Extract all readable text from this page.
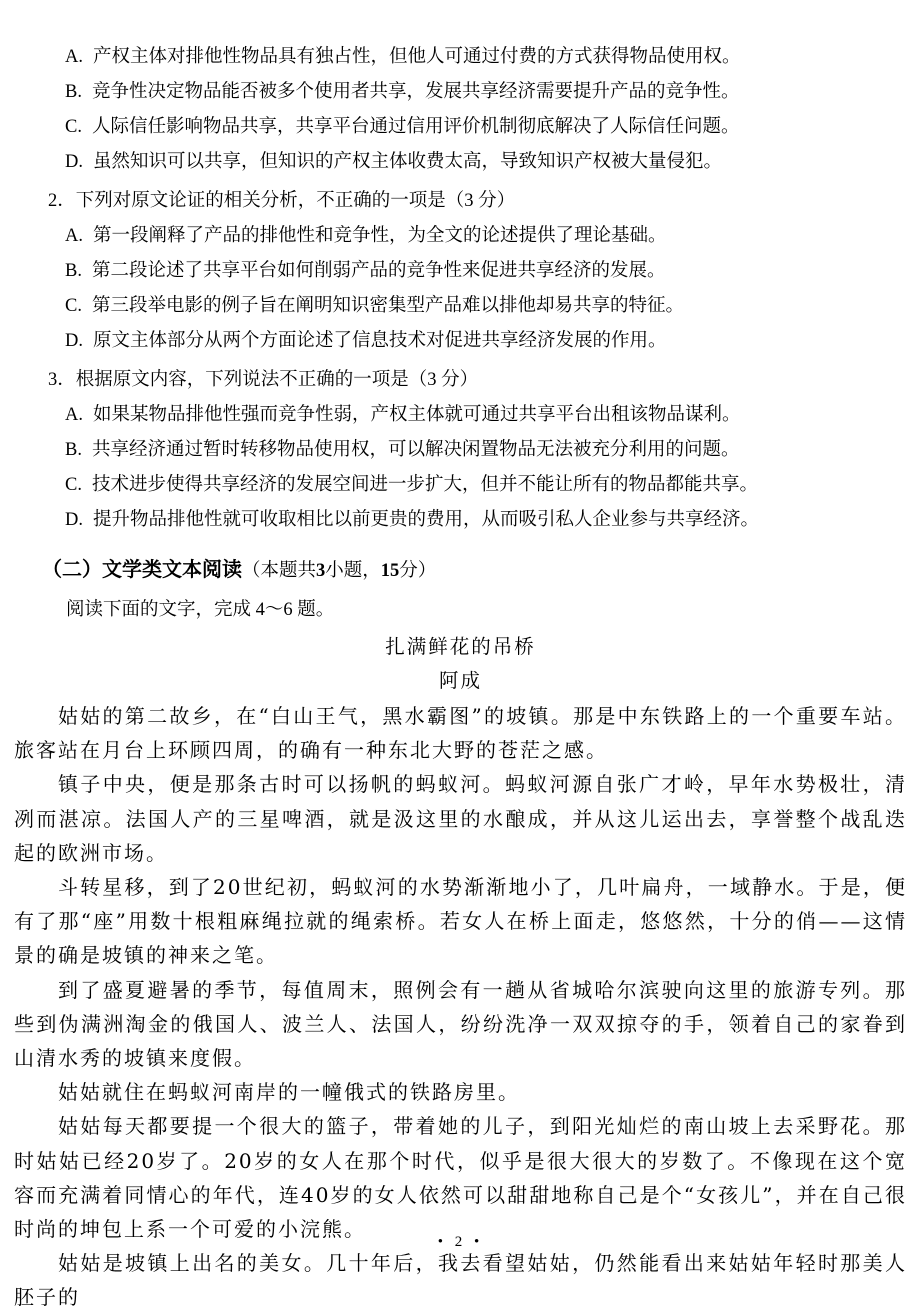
A. 产权主体对排他性物品具有独占性，但他人可通过付费的方式获得物品使用权。

B. 竞争性决定物品能否被多个使用者共享，发展共享经济需要提升产品的竞争性。

C. 人际信任影响物品共享，共享平台通过信用评价机制彻底解决了人际信任问题。

D. 虽然知识可以共享，但知识的产权主体收费太高，导致知识产权被大量侵犯。

2．下列对原文论证的相关分析，不正确的一项是（3 分）

A. 第一段阐释了产品的排他性和竞争性，为全文的论述提供了理论基础。

B. 第二段论述了共享平台如何削弱产品的竞争性来促进共享经济的发展。

C. 第三段举电影的例子旨在阐明知识密集型产品难以排他却易共享的特征。

D. 原文主体部分从两个方面论述了信息技术对促进共享经济发展的作用。

3．根据原文内容，下列说法不正确的一项是（3 分）

A. 如果某物品排他性强而竞争性弱，产权主体就可通过共享平台出租该物品谋利。

B. 共享经济通过暂时转移物品使用权，可以解决闲置物品无法被充分利用的问题。

C. 技术进步使得共享经济的发展空间进一步扩大，但并不能让所有的物品都能共享。

D. 提升物品排他性就可收取相比以前更贵的费用，从而吸引私人企业参与共享经济。

（二）文学类文本阅读（本题共3小题，15分）

阅读下面的文字，完成 4～6 题。

扎满鲜花的吊桥
阿成

姑姑的第二故乡，在“白山王气，黑水霸图”的坡镇。那是中东铁路上的一个重要车站。旅客站在月台上环顾四周，的确有一种东北大野的苍茫之感。

镇子中央，便是那条古时可以扬帆的蚂蚁河。蚂蚁河源自张广才岭，早年水势极壮，清冽而湛凉。法国人产的三星啤酒，就是汲这里的水酿成，并从这儿运出去，享誉整个战乱迭起的欧洲市场。

斗转星移，到了20世纪初，蚂蚁河的水势渐渐地小了，几叶扁舟，一域静水。于是，便有了那“座”用数十根粗麻绳拉就的绳索桥。若女人在桥上面走，悠悠然，十分的俏——这情景的确是坡镇的神来之笔。

到了盛夏避暑的季节，每值周末，照例会有一趟从省城哈尔滨驶向这里的旅游专列。那些到伪满洲淘金的俄国人、波兰人、法国人，纷纷洗净一双双掠夺的手，领着自己的家眷到山清水秀的坡镇来度假。

姑姑就住在蚂蚁河南岸的一幢俄式的铁路房里。

姑姑每天都要提一个很大的篮子，带着她的儿子，到阳光灿烂的南山坡上去采野花。那时姑姑已经20岁了。20岁的女人在那个时代，似乎是很大很大的岁数了。不像现在这个宽容而充满着同情心的年代，连40岁的女人依然可以甜甜地称自己是个“女孩儿”，并在自己很时尚的坤包上系一个可爱的小浣熊。

姑姑是坡镇上出名的美女。几十年后，我去看望姑姑，仍然能看出来姑姑年轻时那美人胚子的

• 2 •
